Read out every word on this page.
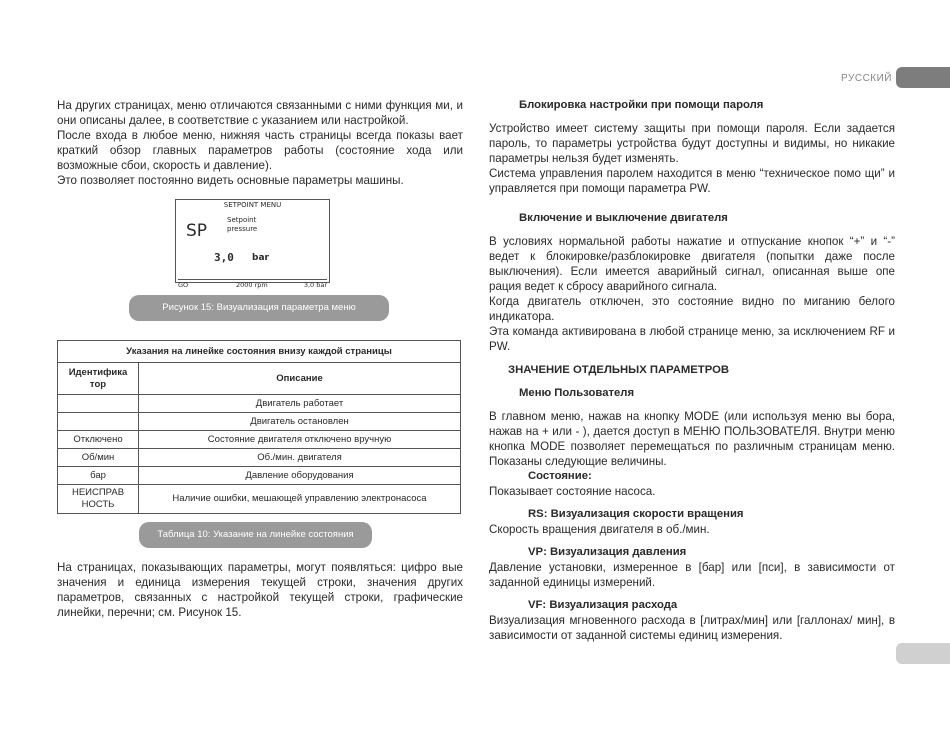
РУССКИЙ

На других страницах, меню отличаются связанными с ними функция ми, и они описаны далее, в соответствие с указанием или настройкой.

После входа в любое меню, нижняя часть страницы всегда показы вает краткий обзор главных параметров работы (состояние хода или возможные сбои, скорость и давление).

Это позволяет постоянно видеть основные параметры машины.

SETPOINT MENU
SP
Setpoint
pressure
3,0 bar
GO	2000 rpm	3,0 bar
Рисунок 15: Визуализация параметра меню
Указания на линейке состояния внизу каждой страницы	
Идентифика тор	Описание
	Двигатель работает
	Двигатель остановлен
Отключено	Состояние двигателя отключено вручную
Об/мин	Об./мин. двигателя
бар	Давление оборудования
НЕИСПРАВ НОСТЬ	Наличие ошибки, мешающей управлению электронасоса
Таблица 10: Указание на линейке состояния

На страницах, показывающих параметры, могут появляться: цифро вые значения и единица измерения текущей строки, значения других параметров, связанных с настройкой текущей строки, графические линейки, перечни; см. Рисунок 15.

Блокировка настройки при помощи пароля

Устройство имеет систему защиты при помощи пароля. Если задается пароль, то параметры устройства будут доступны и видимы, но никакие параметры нельзя будет изменять.

Система управления паролем находится в меню “техническое помо щи” и управляется при помощи параметра PW.

Включение и выключение двигателя

В условиях нормальной работы нажатие и отпускание кнопок “+” и “-” ведет к блокировке/разблокировке двигателя (попытки даже после выключения). Если имеется аварийный сигнал, описанная выше опе рация ведет к сбросу аварийного сигнала.

Когда двигатель отключен, это состояние видно по миганию белого индикатора.

Эта команда активирована в любой странице меню, за исключением RF и PW.

ЗНАЧЕНИЕ ОТДЕЛЬНЫХ ПАРАМЕТРОВ
Меню Пользователя

В главном меню, нажав на кнопку MODE (или используя меню вы бора, нажав на + или - ), дается доступ в МЕНЮ ПОЛЬЗОВАТЕЛЯ. Внутри меню кнопка MODE позволяет перемещаться по различным страницам меню. Показаны следующие величины.

Состояние:

Показывает состояние насоса.

RS: Визуализация скорости вращения

Скорость вращения двигателя в об./мин.

VP: Визуализация давления

Давление установки, измеренное в [бар] или [пси], в зависимости от заданной единицы измерений.

VF: Визуализация расхода

Визуализация мгновенного расхода в [литрах/мин] или [галлонах/ мин], в зависимости от заданной системы единиц измерения.
